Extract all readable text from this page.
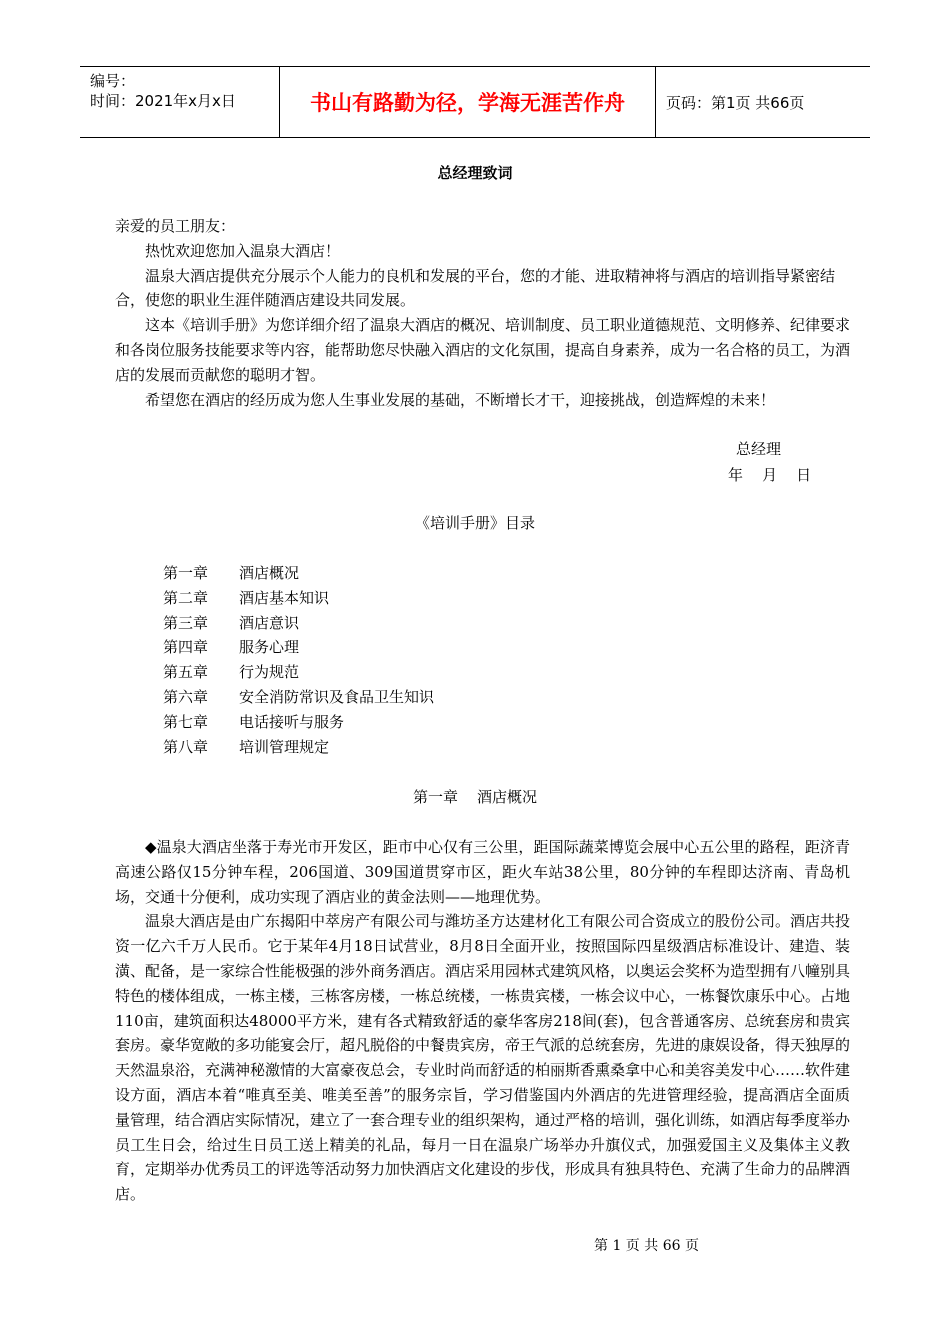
编号：
时间：2021年x月x日	书山有路勤为径，学海无涯苦作舟	页码：第1页 共66页
总经理致词

亲爱的员工朋友：

热忱欢迎您加入温泉大酒店！

温泉大酒店提供充分展示个人能力的良机和发展的平台，您的才能、进取精神将与酒店的培训指导紧密结合，使您的职业生涯伴随酒店建设共同发展。

这本《培训手册》为您详细介绍了温泉大酒店的概况、培训制度、员工职业道德规范、文明修养、纪律要求和各岗位服务技能要求等内容，能帮助您尽快融入酒店的文化氛围，提高自身素养，成为一名合格的员工，为酒店的发展而贡献您的聪明才智。

希望您在酒店的经历成为您人生事业发展的基础，不断增长才干，迎接挑战，创造辉煌的未来！

总经理
年    月    日
《培训手册》目录
第一章	酒店概况
第二章	酒店基本知识
第三章	酒店意识
第四章	服务心理
第五章	行为规范
第六章	安全消防常识及食品卫生知识
第七章	电话接听与服务
第八章	培训管理规定
第一章    酒店概况

◆温泉大酒店坐落于寿光市开发区，距市中心仅有三公里，距国际蔬菜博览会展中心五公里的路程，距济青高速公路仅15分钟车程，206国道、309国道贯穿市区，距火车站38公里，80分钟的车程即达济南、青岛机场，交通十分便利，成功实现了酒店业的黄金法则——地理优势。

温泉大酒店是由广东揭阳中萃房产有限公司与潍坊圣方达建材化工有限公司合资成立的股份公司。酒店共投资一亿六千万人民币。它于某年4月18日试营业，8月8日全面开业，按照国际四星级酒店标准设计、建造、装潢、配备，是一家综合性能极强的涉外商务酒店。酒店采用园林式建筑风格，以奥运会奖杯为造型拥有八幢别具特色的楼体组成，一栋主楼，三栋客房楼，一栋总统楼，一栋贵宾楼，一栋会议中心，一栋餐饮康乐中心。占地110亩，建筑面积达48000平方米，建有各式精致舒适的豪华客房218间(套)，包含普通客房、总统套房和贵宾套房。豪华宽敞的多功能宴会厅，超凡脱俗的中餐贵宾房，帝王气派的总统套房，先进的康娱设备，得天独厚的天然温泉浴，充满神秘激情的大富豪夜总会，专业时尚而舒适的柏丽斯香熏桑拿中心和美容美发中心……软件建设方面，酒店本着“唯真至美、唯美至善”的服务宗旨，学习借鉴国内外酒店的先进管理经验，提高酒店全面质量管理，结合酒店实际情况，建立了一套合理专业的组织架构，通过严格的培训，强化训练，如酒店每季度举办员工生日会，给过生日员工送上精美的礼品，每月一日在温泉广场举办升旗仪式，加强爱国主义及集体主义教育，定期举办优秀员工的评选等活动努力加快酒店文化建设的步伐，形成具有独具特色、充满了生命力的品牌酒店。

第 1 页 共 66 页
